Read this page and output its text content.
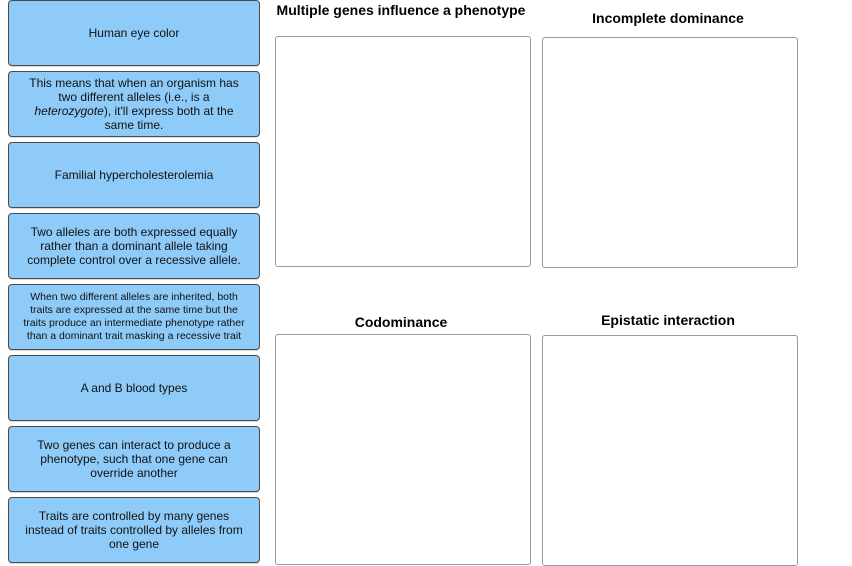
Human eye color
This means that when an organism has two different alleles (i.e., is a heterozygote), it'll express both at the same time.
Familial hypercholesterolemia
Two alleles are both expressed equally rather than a dominant allele taking complete control over a recessive allele.
When two different alleles are inherited, both traits are expressed at the same time but the traits produce an intermediate phenotype rather than a dominant trait masking a recessive trait
A and B blood types
Two genes can interact to produce a phenotype, such that one gene can override another
Traits are controlled by many genes instead of traits controlled by alleles from one gene
Multiple genes influence a phenotype	Incomplete dominance
Codominance	Epistatic interaction
